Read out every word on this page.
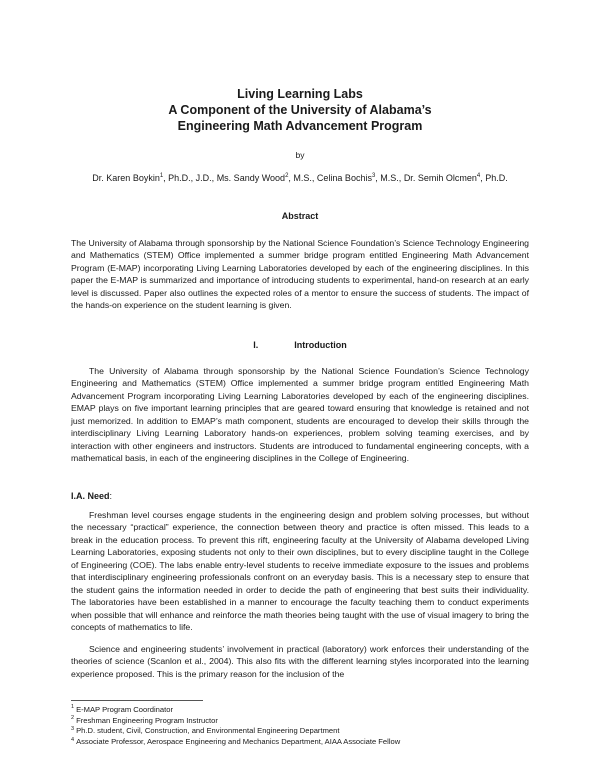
Living Learning Labs
A Component of the University of Alabama’s
Engineering Math Advancement Program
by
Dr. Karen Boykin$^1$, Ph.D., J.D., Ms. Sandy Wood$^2$, M.S., Celina Bochis$^3$, M.S., Dr. Semih Olcmen$^4$, Ph.D.
Abstract

The University of Alabama through sponsorship by the National Science Foundation’s Science Technology Engineering and Mathematics (STEM) Office implemented a summer bridge program entitled Engineering Math Advancement Program (E-MAP) incorporating Living Learning Laboratories developed by each of the engineering disciplines. In this paper the E-MAP is summarized and importance of introducing students to experimental, hand-on research at an early level is discussed. Paper also outlines the expected roles of a mentor to ensure the success of students. The impact of the hands-on experience on the student learning is given.

I.	Introduction

The University of Alabama through sponsorship by the National Science Foundation’s Science Technology Engineering and Mathematics (STEM) Office implemented a summer bridge program entitled Engineering Math Advancement Program incorporating Living Learning Laboratories developed by each of the engineering disciplines. EMAP plays on five important learning principles that are geared toward ensuring that knowledge is retained and not just memorized. In addition to EMAP’s math component, students are encouraged to develop their skills through the interdisciplinary Living Learning Laboratory hands-on experiences, problem solving teaming exercises, and by interaction with other engineers and instructors. Students are introduced to fundamental engineering concepts, with a mathematical basis, in each of the engineering disciplines in the College of Engineering.

I.A. Need:

Freshman level courses engage students in the engineering design and problem solving processes, but without the necessary “practical” experience, the connection between theory and practice is often missed. This leads to a break in the education process. To prevent this rift, engineering faculty at the University of Alabama developed Living Learning Laboratories, exposing students not only to their own disciplines, but to every discipline taught in the College of Engineering (COE). The labs enable entry-level students to receive immediate exposure to the issues and problems that interdisciplinary engineering professionals confront on an everyday basis. This is a necessary step to ensure that the student gains the information needed in order to decide the path of engineering that best suits their individuality. The laboratories have been established in a manner to encourage the faculty teaching them to conduct experiments when possible that will enhance and reinforce the math theories being taught with the use of visual imagery to bring the concepts of mathematics to life.

Science and engineering students’ involvement in practical (laboratory) work enforces their understanding of the theories of science (Scanlon et al., 2004). This also fits with the different learning styles incorporated into the learning experience proposed. This is the primary reason for the inclusion of the

$^1$ E-MAP Program Coordinator
$^2$ Freshman Engineering Program Instructor
$^3$ Ph.D. student, Civil, Construction, and Environmental Engineering Department
$^4$ Associate Professor, Aerospace Engineering and Mechanics Department, AIAA Associate Fellow
